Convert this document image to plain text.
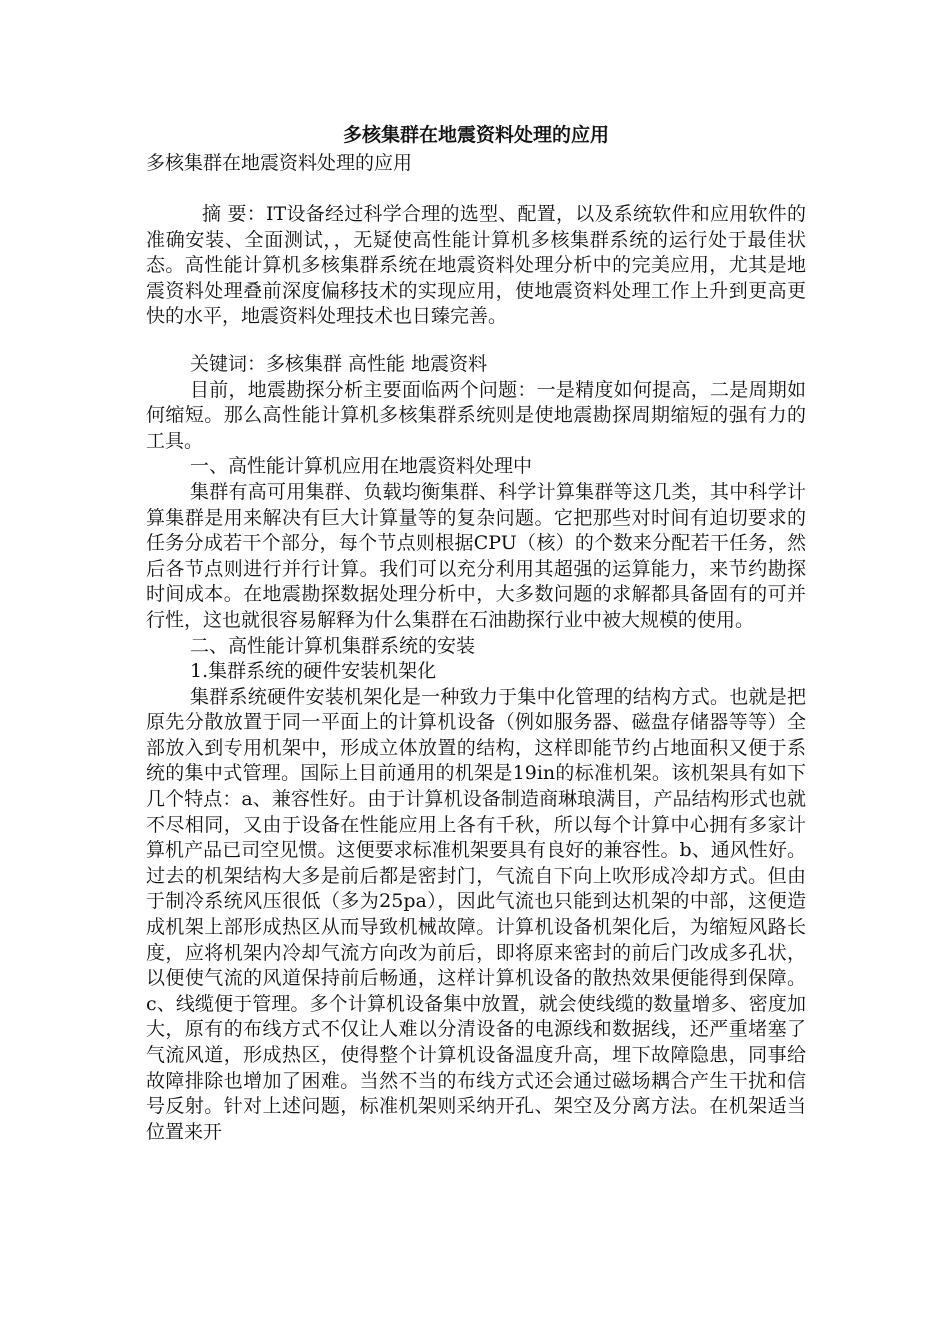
多核集群在地震资料处理的应用

多核集群在地震资料处理的应用

摘 要：IT设备经过科学合理的选型、配置，以及系统软件和应用软件的准确安装、全面测试，，无疑使高性能计算机多核集群系统的运行处于最佳状态。高性能计算机多核集群系统在地震资料处理分析中的完美应用，尤其是地震资料处理叠前深度偏移技术的实现应用，使地震资料处理工作上升到更高更快的水平，地震资料处理技术也日臻完善。

关键词：多核集群 高性能 地震资料

目前，地震勘探分析主要面临两个问题：一是精度如何提高，二是周期如何缩短。那么高性能计算机多核集群系统则是使地震勘探周期缩短的强有力的工具。

一、高性能计算机应用在地震资料处理中

集群有高可用集群、负载均衡集群、科学计算集群等这几类，其中科学计算集群是用来解决有巨大计算量等的复杂问题。它把那些对时间有迫切要求的任务分成若干个部分，每个节点则根据CPU（核）的个数来分配若干任务，然后各节点则进行并行计算。我们可以充分利用其超强的运算能力，来节约勘探时间成本。在地震勘探数据处理分析中，大多数问题的求解都具备固有的可并行性，这也就很容易解释为什么集群在石油勘探行业中被大规模的使用。

二、高性能计算机集群系统的安装

1.集群系统的硬件安装机架化

集群系统硬件安装机架化是一种致力于集中化管理的结构方式。也就是把原先分散放置于同一平面上的计算机设备（例如服务器、磁盘存储器等等）全部放入到专用机架中，形成立体放置的结构，这样即能节约占地面积又便于系统的集中式管理。国际上目前通用的机架是19in的标准机架。该机架具有如下几个特点：a、兼容性好。由于计算机设备制造商琳琅满目，产品结构形式也就不尽相同，又由于设备在性能应用上各有千秋，所以每个计算中心拥有多家计算机产品已司空见惯。这便要求标准机架要具有良好的兼容性。b、通风性好。过去的机架结构大多是前后都是密封门，气流自下向上吹形成冷却方式。但由于制冷系统风压很低（多为25pa），因此气流也只能到达机架的中部，这便造成机架上部形成热区从而导致机械故障。计算机设备机架化后，为缩短风路长度，应将机架内冷却气流方向改为前后，即将原来密封的前后门改成多孔状，以便使气流的风道保持前后畅通，这样计算机设备的散热效果便能得到保障。c、线缆便于管理。多个计算机设备集中放置，就会使线缆的数量增多、密度加大，原有的布线方式不仅让人难以分清设备的电源线和数据线，还严重堵塞了气流风道，形成热区，使得整个计算机设备温度升高，埋下故障隐患，同事给故障排除也增加了困难。当然不当的布线方式还会通过磁场耦合产生干扰和信号反射。针对上述问题，标准机架则采纳开孔、架空及分离方法。在机架适当位置来开
